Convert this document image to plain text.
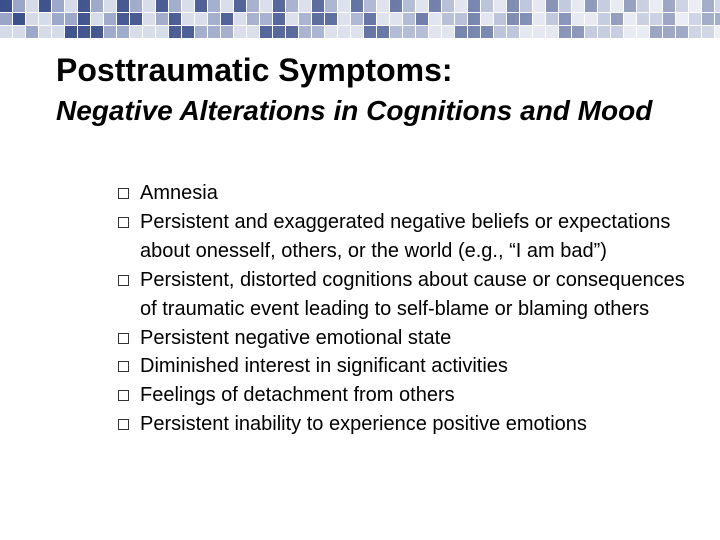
Posttraumatic Symptoms:

Negative Alterations in Cognitions and Mood

Amnesia
Persistent and exaggerated negative beliefs or expectations about onesself, others, or the world (e.g., “I am bad”)
Persistent, distorted cognitions about cause or consequences of traumatic event leading to self-blame or blaming others
Persistent negative emotional state
Diminished interest in significant activities
Feelings of detachment from others
Persistent inability to experience positive emotions
